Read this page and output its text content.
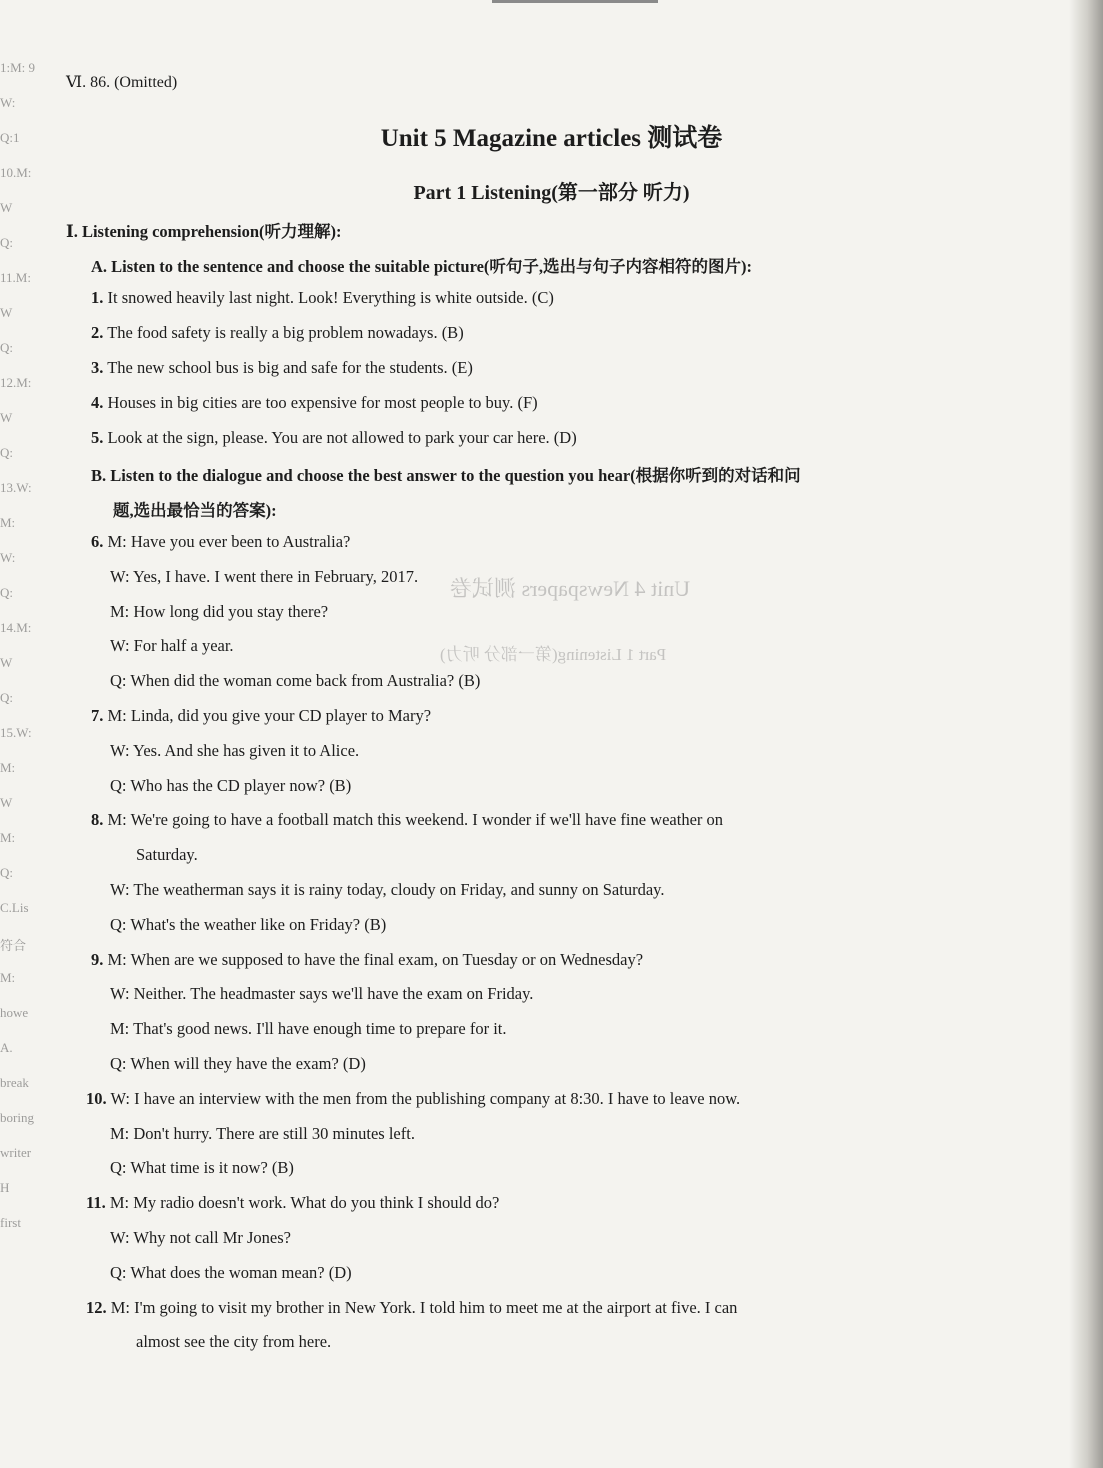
1:M: 9
W:
Q:1
10.M:
W
Q:
11.M:
W
Q:
12.M:
W
Q:
13.W:
M:
W:
Q:
14.M:
W
Q:
15.W:
M:
W
M:
Q:
C.Lis
符合
M:
howe
A.
break
boring
writer
H
first
Unit 4 Newspapers 测试卷
Part 1 Listening(第一部分 听力)
Ⅵ. 86. (Omitted)
Unit 5 Magazine articles 测试卷
Part 1 Listening(第一部分 听力)
Ⅰ. Listening comprehension(听力理解):
A. Listen to the sentence and choose the suitable picture(听句子,选出与句子内容相符的图片):
1. It snowed heavily last night. Look! Everything is white outside. (C)
2. The food safety is really a big problem nowadays. (B)
3. The new school bus is big and safe for the students. (E)
4. Houses in big cities are too expensive for most people to buy. (F)
5. Look at the sign, please. You are not allowed to park your car here. (D)
B. Listen to the dialogue and choose the best answer to the question you hear(根据你听到的对话和问
题,选出最恰当的答案):
6. M: Have you ever been to Australia?
W: Yes, I have. I went there in February, 2017.
M: How long did you stay there?
W: For half a year.
Q: When did the woman come back from Australia? (B)
7. M: Linda, did you give your CD player to Mary?
W: Yes. And she has given it to Alice.
Q: Who has the CD player now? (B)
8. M: We're going to have a football match this weekend. I wonder if we'll have fine weather on
Saturday.
W: The weatherman says it is rainy today, cloudy on Friday, and sunny on Saturday.
Q: What's the weather like on Friday? (B)
9. M: When are we supposed to have the final exam, on Tuesday or on Wednesday?
W: Neither. The headmaster says we'll have the exam on Friday.
M: That's good news. I'll have enough time to prepare for it.
Q: When will they have the exam? (D)
10. W: I have an interview with the men from the publishing company at 8:30. I have to leave now.
M: Don't hurry. There are still 30 minutes left.
Q: What time is it now? (B)
11. M: My radio doesn't work. What do you think I should do?
W: Why not call Mr Jones?
Q: What does the woman mean? (D)
12. M: I'm going to visit my brother in New York. I told him to meet me at the airport at five. I can
almost see the city from here.
